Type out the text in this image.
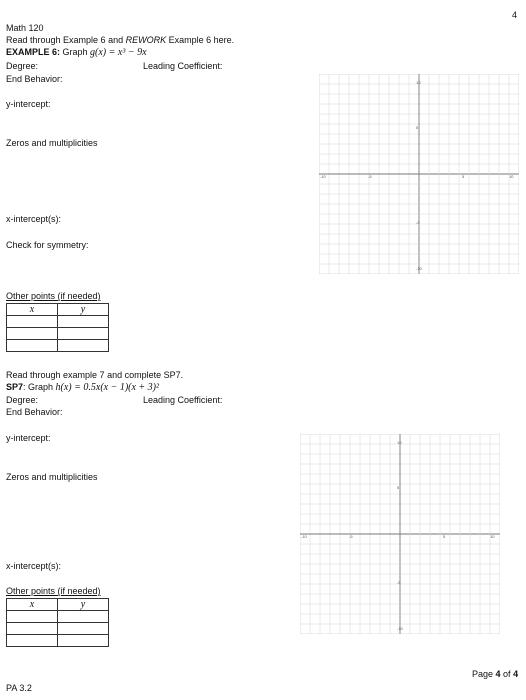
4
Math 120
Read through Example 6 and REWORK Example 6 here.
EXAMPLE 6: Graph g(x) = x³ − 9x
Degree:	Leading Coefficient:
End Behavior:
y-intercept:
Zeros and multiplicities
x-intercept(s):
Check for symmetry:
Other points (if needed)
x	y

10
5
-5
-10
-10	-5	5	10
Read through example 7 and complete SP7.
SP7: Graph h(x) = 0.5x(x − 1)(x + 3)²
Degree:	Leading Coefficient:
End Behavior:
y-intercept:
Zeros and multiplicities
x-intercept(s):
Other points (if needed)
x	y

10
5
-5
-10
-10	-5	5	10
Page 4 of 4
PA 3.2
